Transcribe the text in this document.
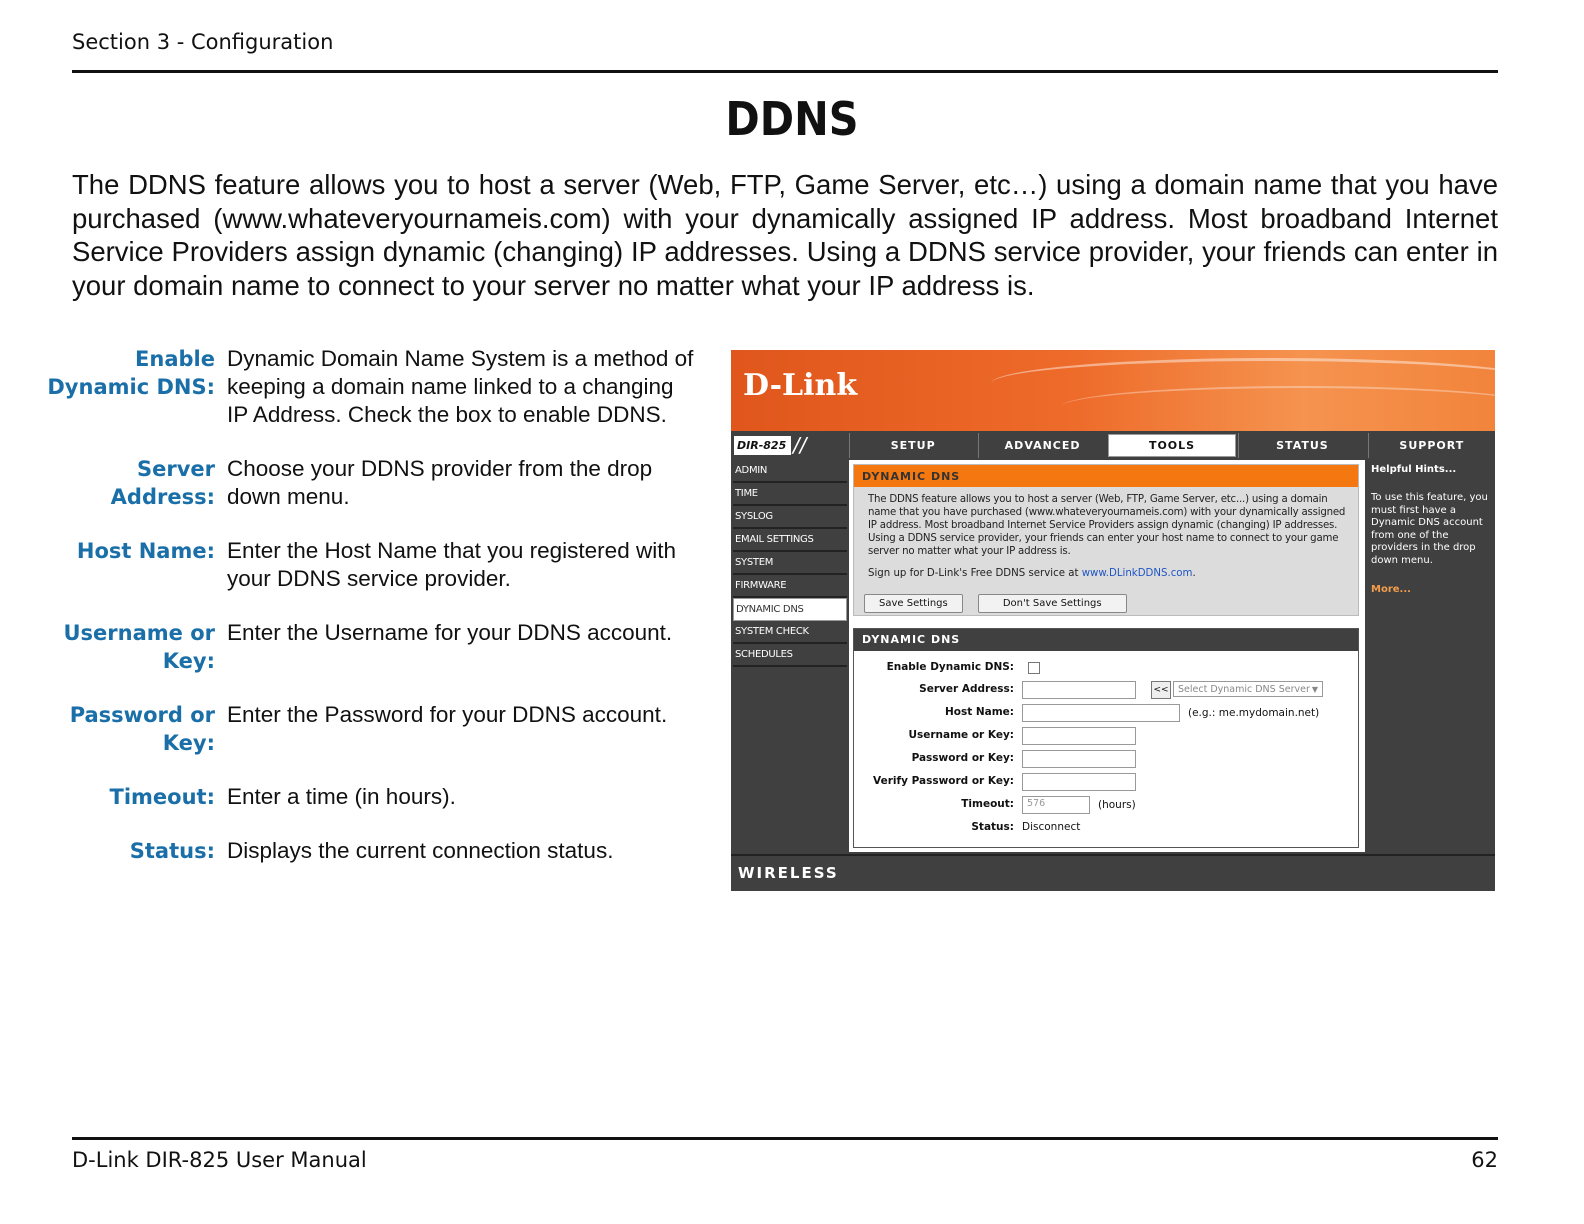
Section 3 - Configuration
DDNS
The DDNS feature allows you to host a server (Web, FTP, Game Server, etc…) using a domain name that you have purchased (www.whateveryournameis.com) with your dynamically assigned IP address. Most broadband Internet Service Providers assign dynamic (changing) IP addresses. Using a DDNS service provider, your friends can enter in your domain name to connect to your server no matter what your IP address is.
Enable Dynamic DNS:
Dynamic Domain Name System is a method of keeping a domain name linked to a changing IP Address. Check the box to enable DDNS.
Server Address:
Choose your DDNS provider from the drop down menu.
Host Name: Enter the Host Name that you registered with your DDNS service provider.
Username or Key:
Enter the Username for your DDNS account.
Password or Key:
Enter the Password for your DDNS account.
Timeout: Enter a time (in hours).
Status: Displays the current connection status.
D-Link
DIR-825 //	SETUP	ADVANCED	TOOLS	STATUS	SUPPORT
ADMIN
TIME
SYSLOG
EMAIL SETTINGS
SYSTEM
FIRMWARE
DYNAMIC DNS
SYSTEM CHECK
SCHEDULES
DYNAMIC DNS
The DDNS feature allows you to host a server (Web, FTP, Game Server, etc...) using a domain name that you have purchased (www.whateveryournameis.com) with your dynamically assigned IP address. Most broadband Internet Service Providers assign dynamic (changing) IP addresses. Using a DDNS service provider, your friends can enter your host name to connect to your game server no matter what your IP address is.
Sign up for D-Link's Free DDNS service at www.DLinkDDNS.com.
Save Settings	Don't Save Settings
DYNAMIC DNS
Enable Dynamic DNS:
Server Address:	<< Select Dynamic DNS Server ▼
Host Name:	(e.g.: me.mydomain.net)
Username or Key:
Password or Key:
Verify Password or Key:
Timeout: 576	(hours)
Status: Disconnect
Helpful Hints...
To use this feature, you must first have a Dynamic DNS account from one of the providers in the drop down menu.
More...
WIRELESS
D-Link DIR-825 User Manual	62
